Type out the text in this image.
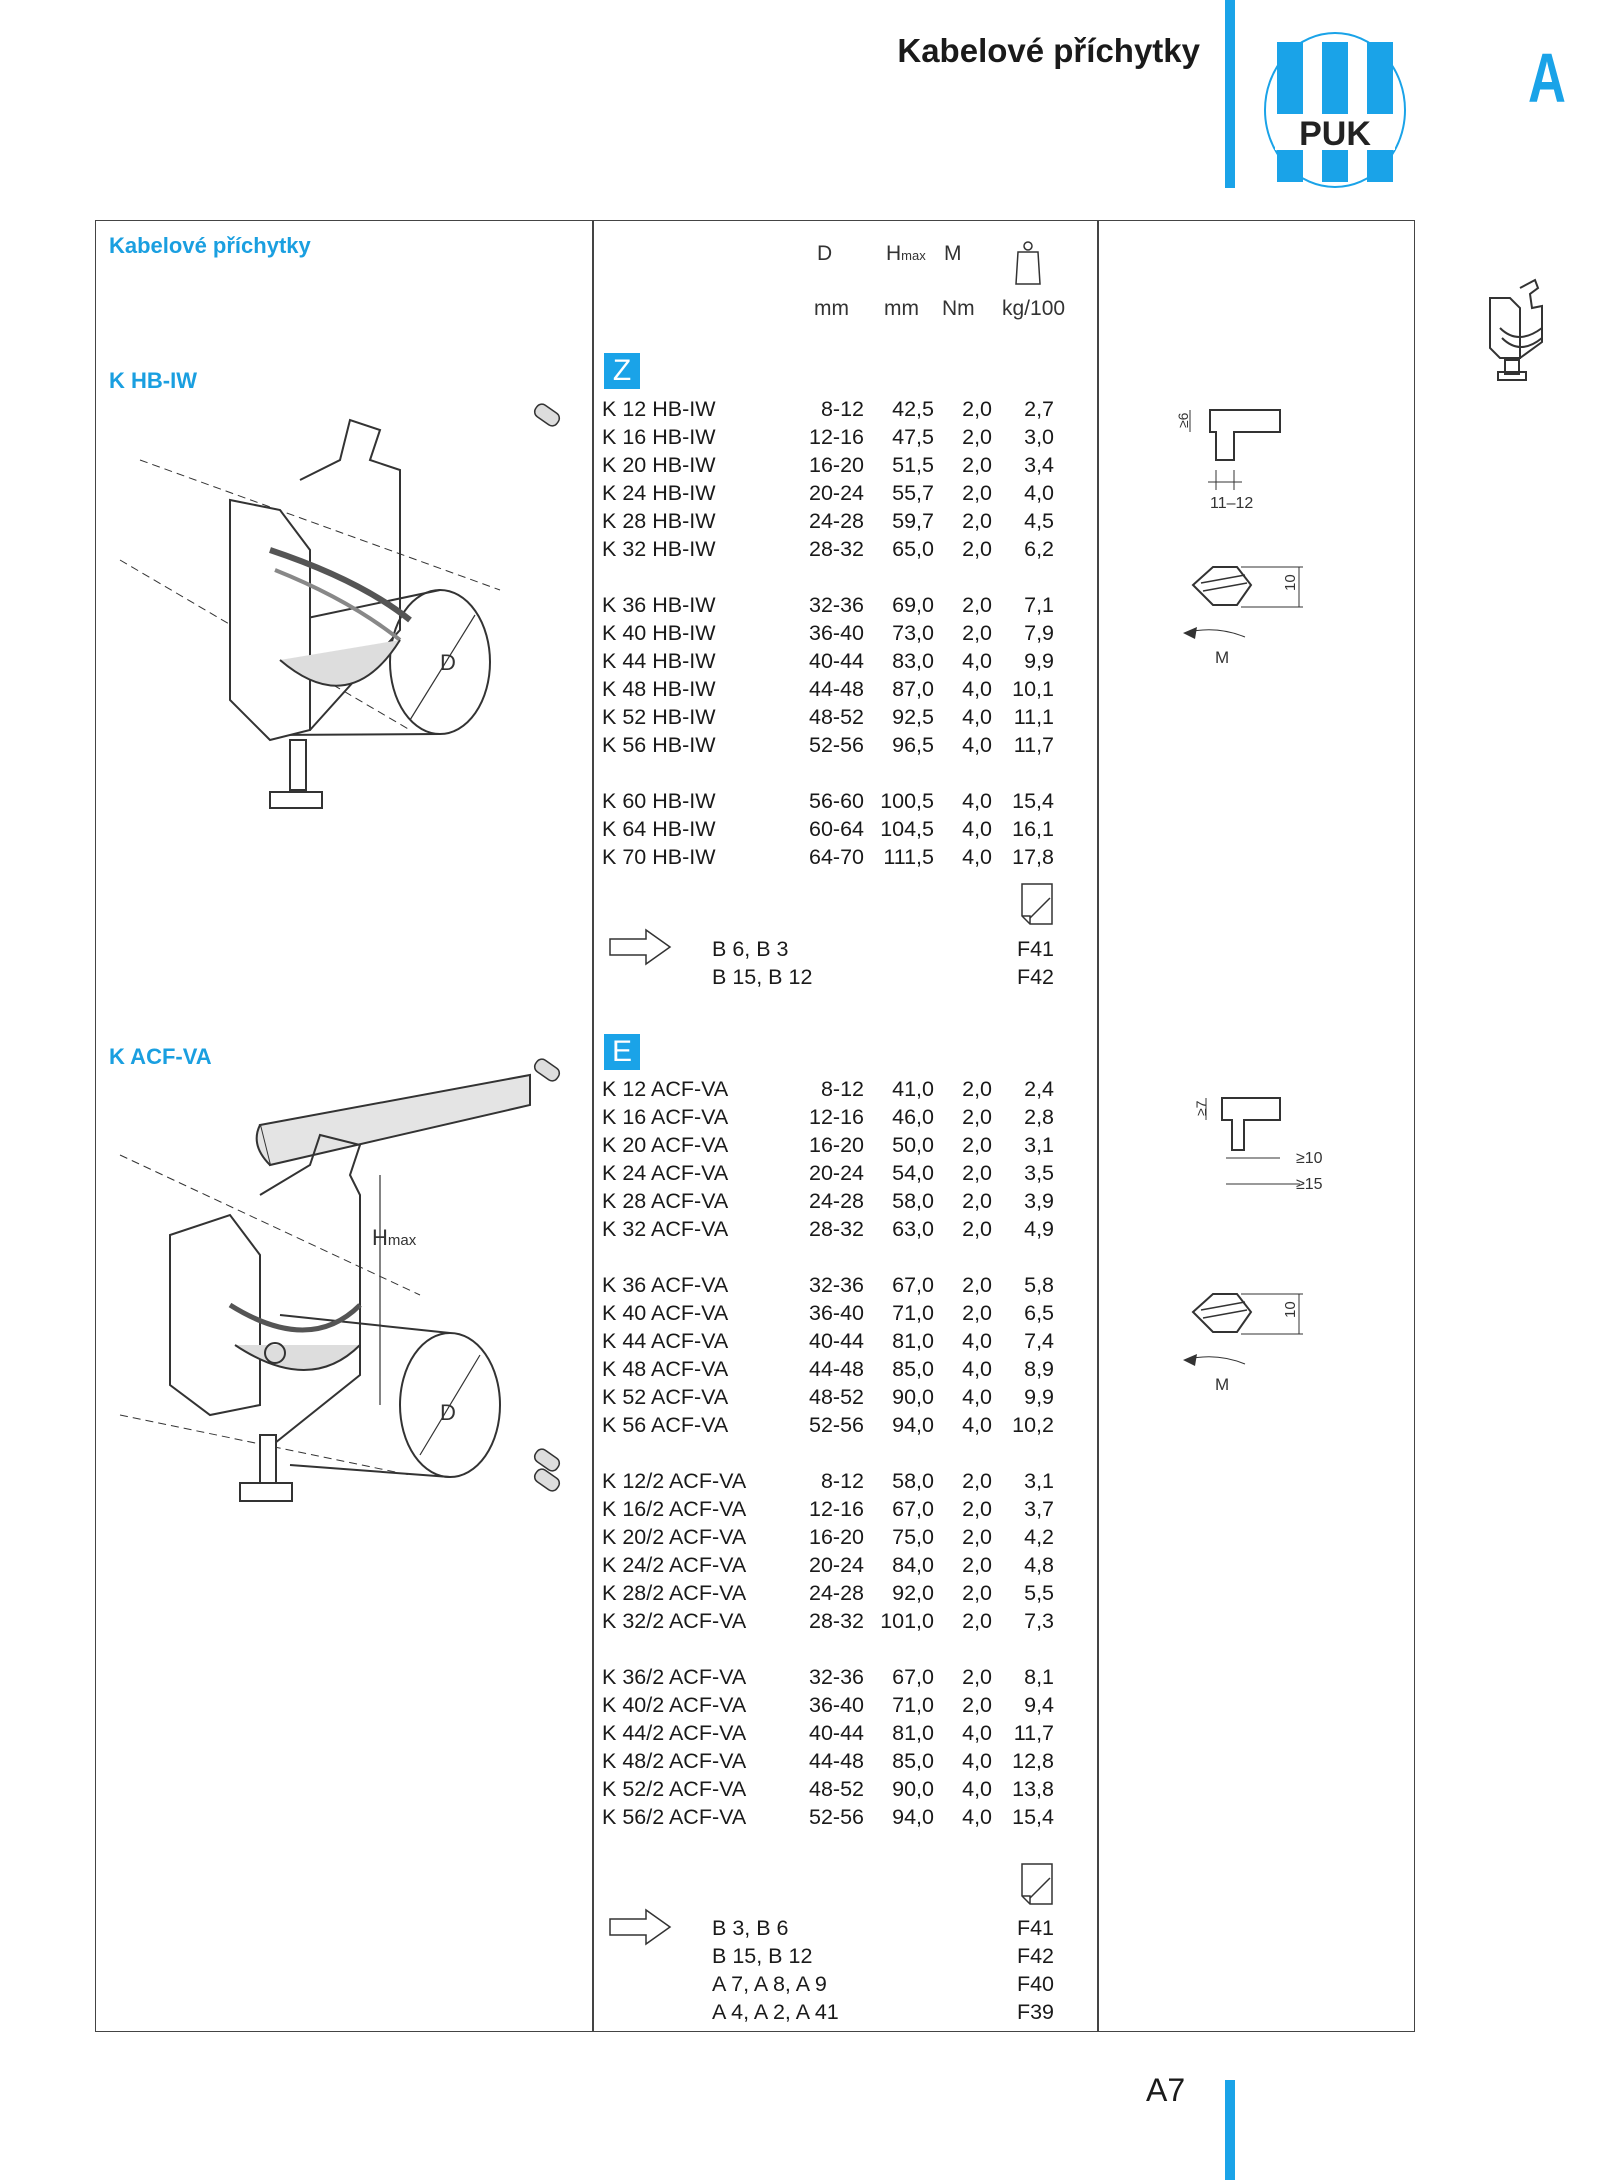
Kabelové příchytky
PUK
A
Kabelové příchytky
K HB-IW
K ACF-VA
D	Hmax M
mm mm Nm kg/100
Z
K 12 HB-IW	8-12	42,5	2,0	2,7
K 16 HB-IW	12-16	47,5	2,0	3,0
K 20 HB-IW	16-20	51,5	2,0	3,4
K 24 HB-IW	20-24	55,7	2,0	4,0
K 28 HB-IW	24-28	59,7	2,0	4,5
K 32 HB-IW	28-32	65,0	2,0	6,2
K 36 HB-IW	32-36	69,0	2,0	7,1
K 40 HB-IW	36-40	73,0	2,0	7,9
K 44 HB-IW	40-44	83,0	4,0	9,9
K 48 HB-IW	44-48	87,0	4,0 10,1
K 52 HB-IW	48-52	92,5	4,0	11,1
K 56 HB-IW	52-56	96,5	4,0	11,7
K 60 HB-IW	56-60 100,5	4,0 15,4
K 64 HB-IW	60-64 104,5	4,0 16,1
K 70 HB-IW	64-70 111,5	4,0 17,8
B 6, B 3	F41
B 15, B 12	F42
E
K 12 ACF-VA	8-12	41,0	2,0	2,4
K 16 ACF-VA	12-16	46,0	2,0	2,8
K 20 ACF-VA	16-20	50,0	2,0	3,1
K 24 ACF-VA	20-24	54,0	2,0	3,5
K 28 ACF-VA	24-28	58,0	2,0	3,9
K 32 ACF-VA	28-32	63,0	2,0	4,9
K 36 ACF-VA	32-36	67,0	2,0	5,8
K 40 ACF-VA	36-40	71,0	2,0	6,5
K 44 ACF-VA	40-44	81,0	4,0	7,4
K 48 ACF-VA	44-48	85,0	4,0	8,9
K 52 ACF-VA	48-52	90,0	4,0	9,9
K 56 ACF-VA	52-56	94,0	4,0 10,2
K 12/2 ACF-VA	8-12	58,0	2,0	3,1
K 16/2 ACF-VA	12-16	67,0	2,0	3,7
K 20/2 ACF-VA	16-20	75,0	2,0	4,2
K 24/2 ACF-VA	20-24	84,0	2,0	4,8
K 28/2 ACF-VA	24-28	92,0	2,0	5,5
K 32/2 ACF-VA	28-32 101,0	2,0	7,3
K 36/2 ACF-VA	32-36	67,0	2,0	8,1
K 40/2 ACF-VA	36-40	71,0	2,0	9,4
K 44/2 ACF-VA	40-44	81,0	4,0	11,7
K 48/2 ACF-VA	44-48	85,0	4,0 12,8
K 52/2 ACF-VA	48-52	90,0	4,0 13,8
K 56/2 ACF-VA	52-56	94,0	4,0 15,4
B 3, B 6	F41
B 15, B 12	F42
A 7, A 8, A 9	F40
A 4, A 2, A 41	F39
D
Hmax
D
≥6
11–12
10
M
≥7
≥10
≥15
10
M
A7
